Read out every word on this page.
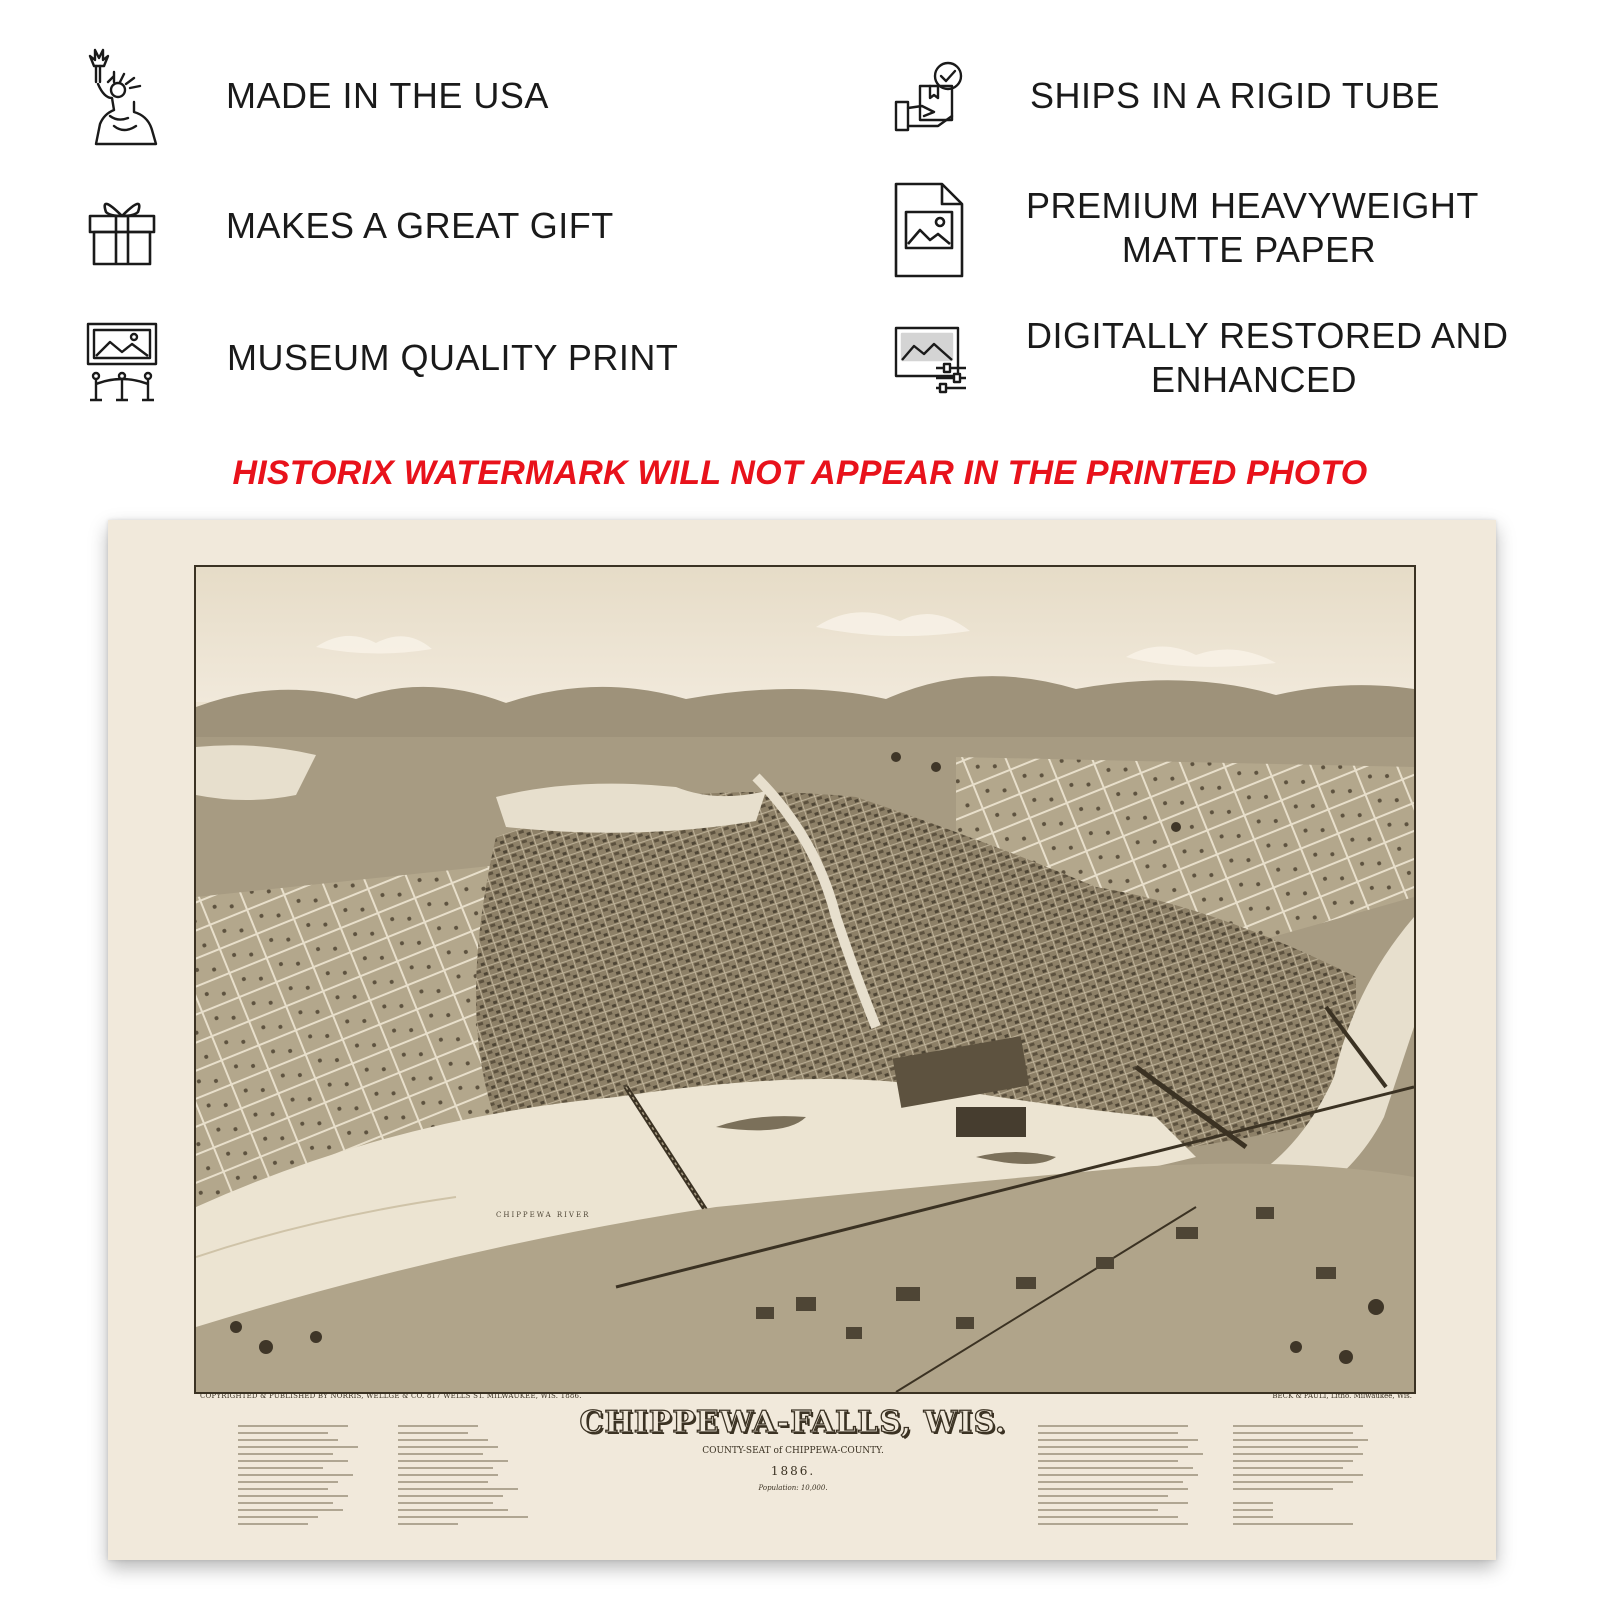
MADE IN THE USA
MAKES A GREAT GIFT
MUSEUM QUALITY PRINT
SHIPS IN A RIGID TUBE
PREMIUM HEAVYWEIGHT
MATTE PAPER
DIGITALLY RESTORED AND
ENHANCED
HISTORIX WATERMARK WILL NOT APPEAR IN THE PRINTED PHOTO
CHIPPEWA RIVER
COPYRIGHTED & PUBLISHED BY NORRIS, WELLGE & CO. 817 WELLS ST. MILWAUKEE, WIS. 1886.	BECK & PAULI, Litho. Milwaukee, Wis.
CHIPPEWA-FALLS, WIS.
COUNTY-SEAT of CHIPPEWA-COUNTY.
1886.
Population: 10,000.
